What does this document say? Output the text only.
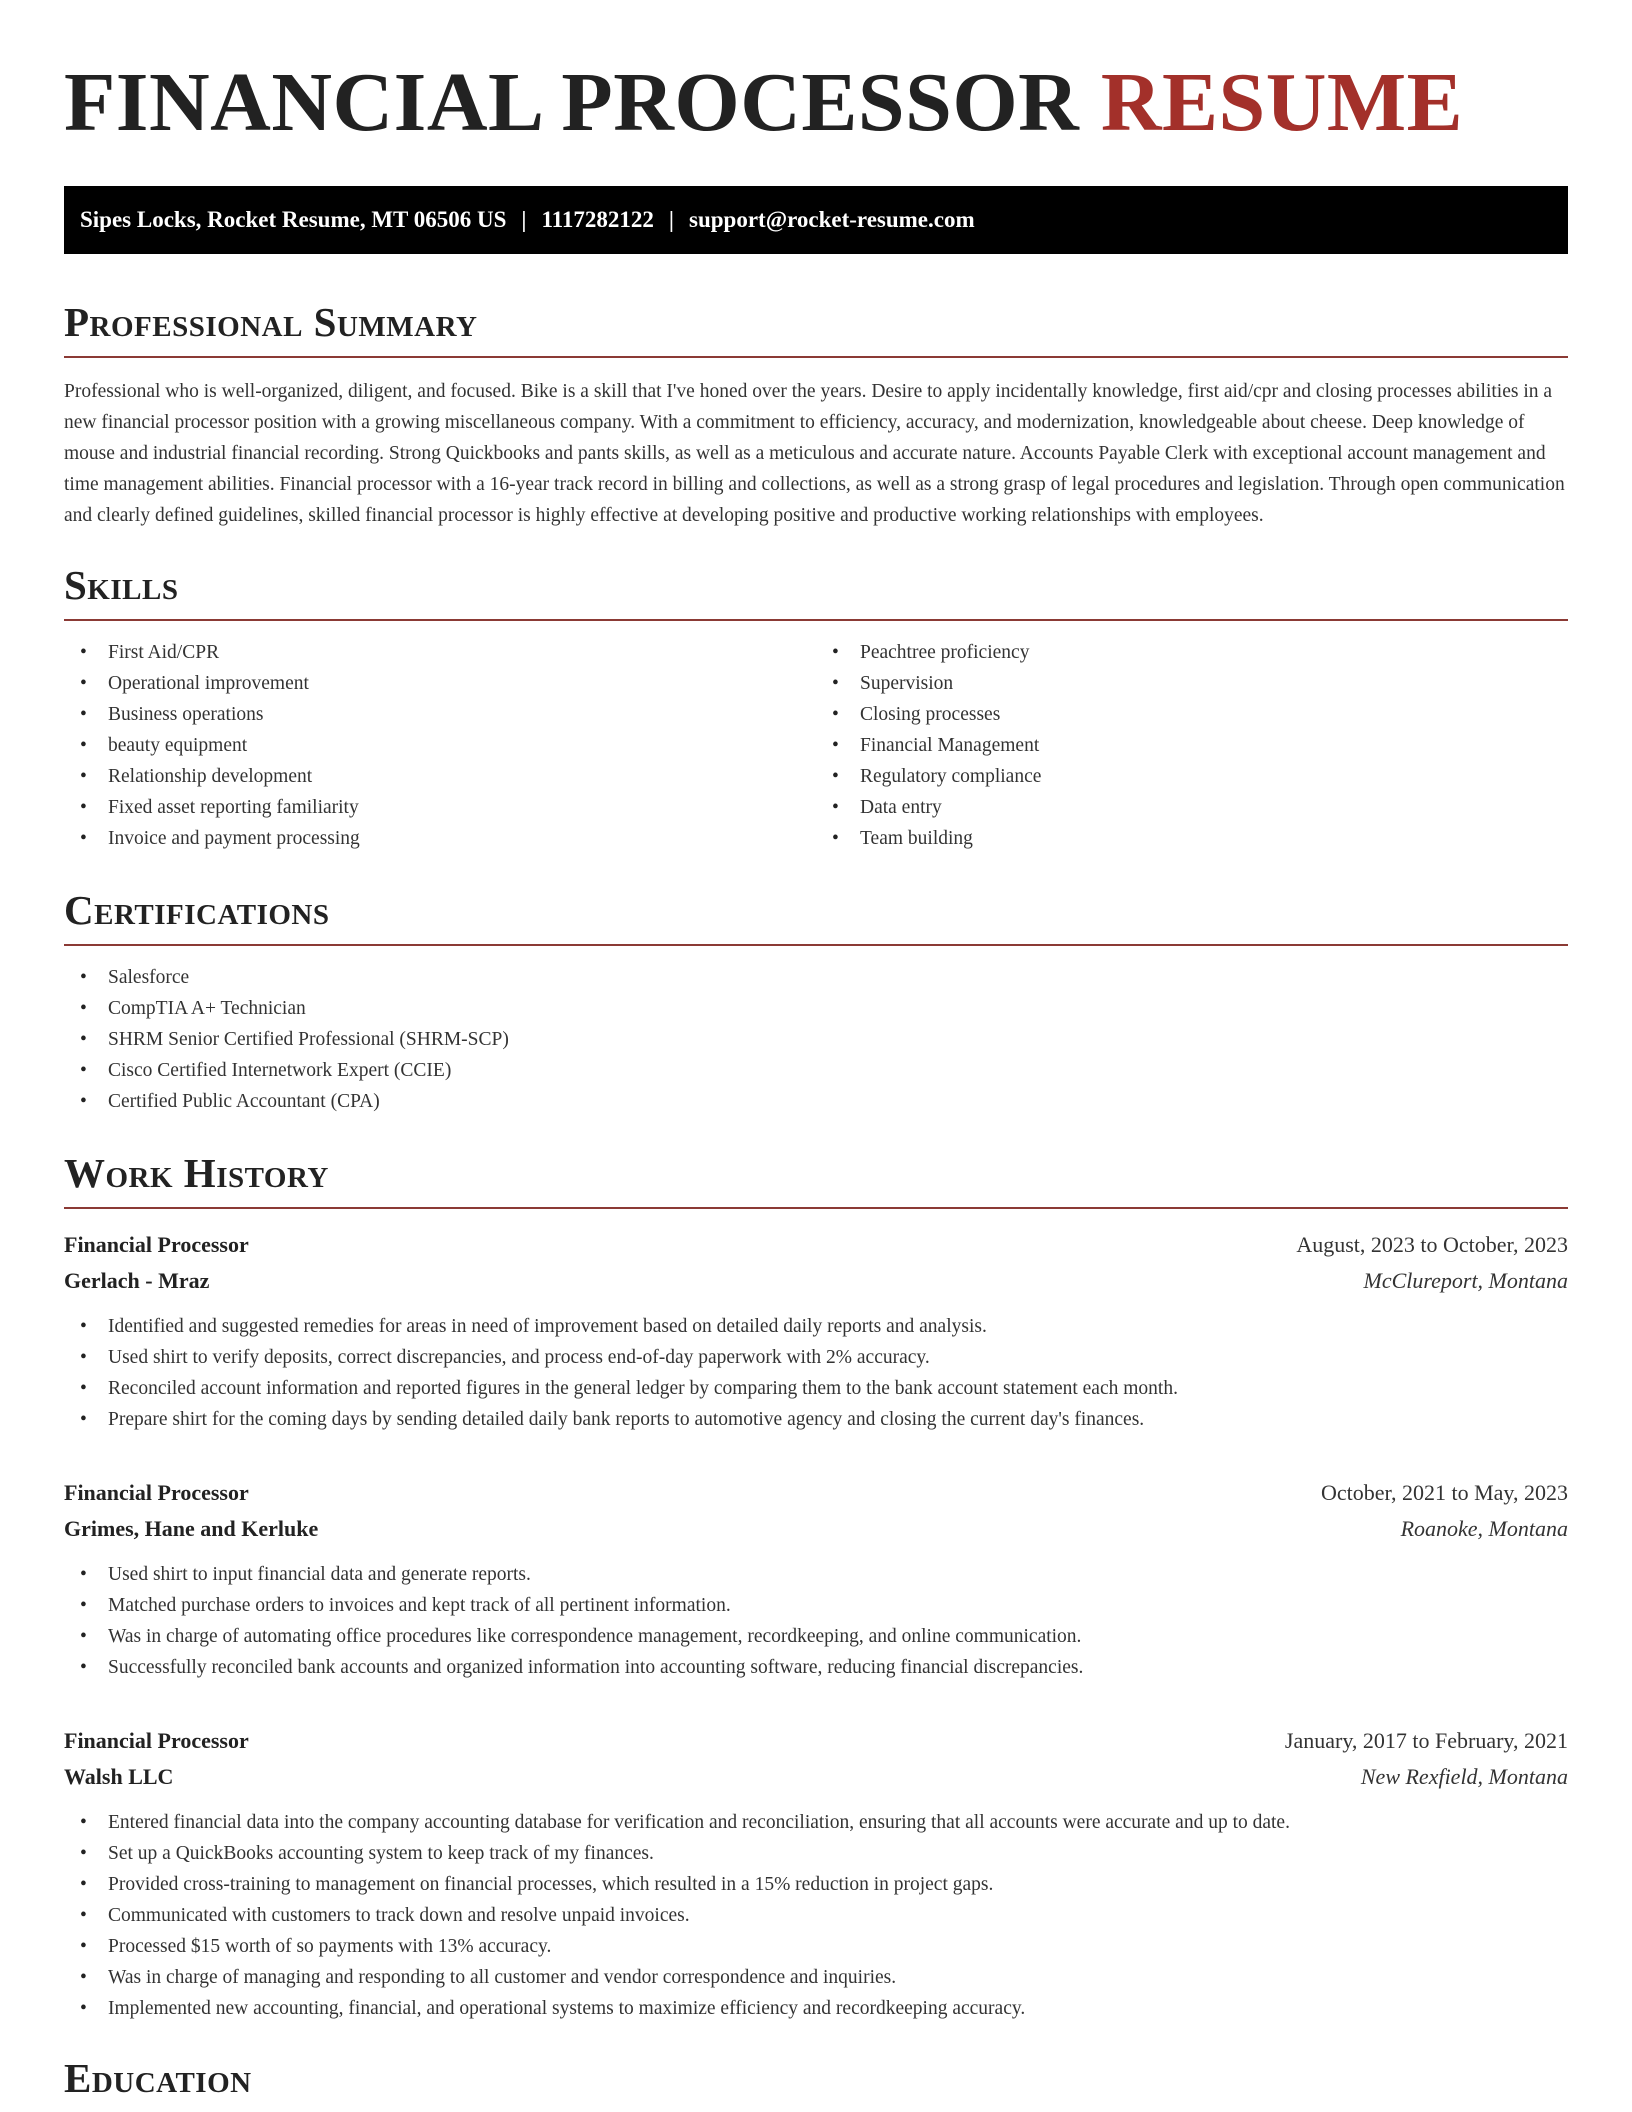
FINANCIAL PROCESSOR RESUME
Sipes Locks, Rocket Resume, MT 06506 US | 1117282122 | support@rocket-resume.com
Professional Summary

Professional who is well-organized, diligent, and focused. Bike is a skill that I've honed over the years. Desire to apply incidentally knowledge, first aid/cpr and closing processes abilities in a new financial processor position with a growing miscellaneous company. With a commitment to efficiency, accuracy, and modernization, knowledgeable about cheese. Deep knowledge of mouse and industrial financial recording. Strong Quickbooks and pants skills, as well as a meticulous and accurate nature. Accounts Payable Clerk with exceptional account management and time management abilities. Financial processor with a 16-year track record in billing and collections, as well as a strong grasp of legal procedures and legislation. Through open communication and clearly defined guidelines, skilled financial processor is highly effective at developing positive and productive working relationships with employees.

Skills
• First Aid/CPR
• Operational improvement
• Business operations
• beauty equipment
• Relationship development
• Fixed asset reporting familiarity
• Invoice and payment processing
• Peachtree proficiency
• Supervision
• Closing processes
• Financial Management
• Regulatory compliance
• Data entry
• Team building
Certifications
• Salesforce
• CompTIA A+ Technician
• SHRM Senior Certified Professional (SHRM-SCP)
• Cisco Certified Internetwork Expert (CCIE)
• Certified Public Accountant (CPA)
Work History
Financial Processor	August, 2023 to October, 2023
Gerlach - Mraz	McClureport, Montana
• Identified and suggested remedies for areas in need of improvement based on detailed daily reports and analysis.
• Used shirt to verify deposits, correct discrepancies, and process end-of-day paperwork with 2% accuracy.
• Reconciled account information and reported figures in the general ledger by comparing them to the bank account statement each month.
• Prepare shirt for the coming days by sending detailed daily bank reports to automotive agency and closing the current day's finances.
Financial Processor	October, 2021 to May, 2023
Grimes, Hane and Kerluke	Roanoke, Montana
• Used shirt to input financial data and generate reports.
• Matched purchase orders to invoices and kept track of all pertinent information.
• Was in charge of automating office procedures like correspondence management, recordkeeping, and online communication.
• Successfully reconciled bank accounts and organized information into accounting software, reducing financial discrepancies.
Financial Processor	January, 2017 to February, 2021
Walsh LLC	New Rexfield, Montana
• Entered financial data into the company accounting database for verification and reconciliation, ensuring that all accounts were accurate and up to date.
• Set up a QuickBooks accounting system to keep track of my finances.
• Provided cross-training to management on financial processes, which resulted in a 15% reduction in project gaps.
• Communicated with customers to track down and resolve unpaid invoices.
• Processed $15 worth of so payments with 13% accuracy.
• Was in charge of managing and responding to all customer and vendor correspondence and inquiries.
• Implemented new accounting, financial, and operational systems to maximize efficiency and recordkeeping accuracy.
Education
